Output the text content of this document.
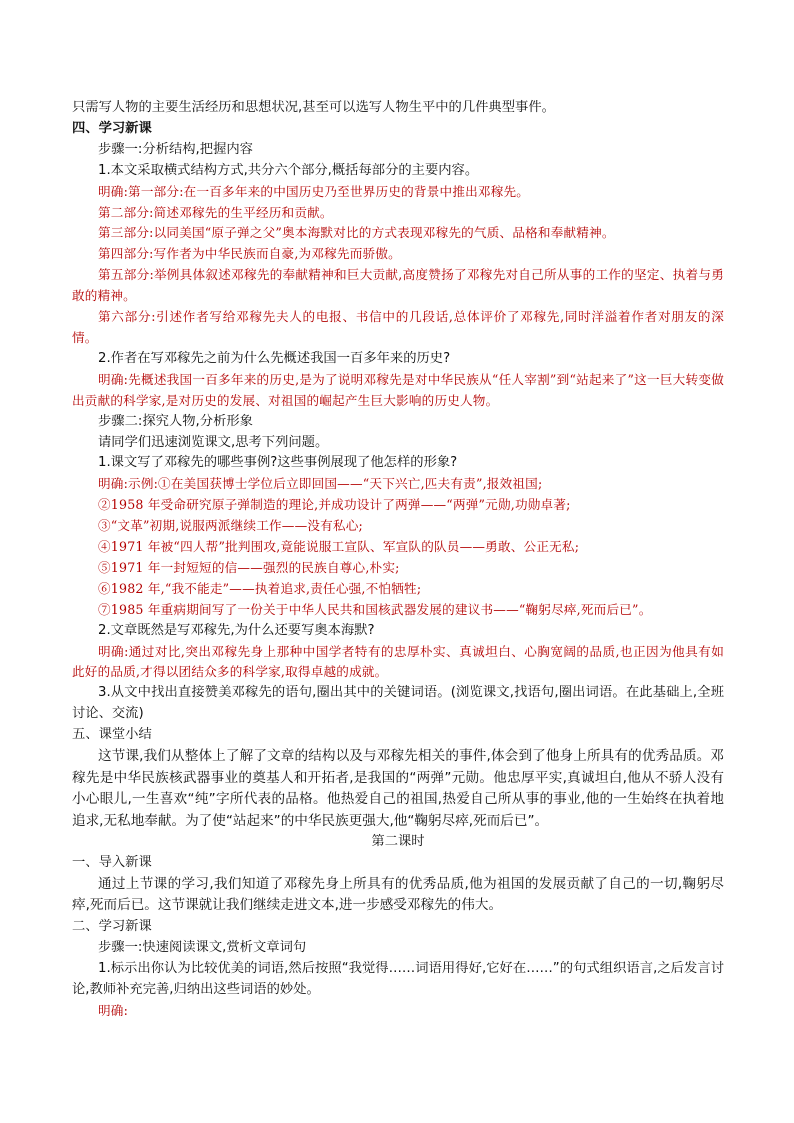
只需写人物的主要生活经历和思想状况,甚至可以选写人物生平中的几件典型事件。

四、学习新课

步骤一:分析结构,把握内容

1.本文采取横式结构方式,共分六个部分,概括每部分的主要内容。

明确:第一部分:在一百多年来的中国历史乃至世界历史的背景中推出邓稼先。

第二部分:简述邓稼先的生平经历和贡献。

第三部分:以同美国“原子弹之父”奥本海默对比的方式表现邓稼先的气质、品格和奉献精神。

第四部分:写作者为中华民族而自豪,为邓稼先而骄傲。

第五部分:举例具体叙述邓稼先的奉献精神和巨大贡献,高度赞扬了邓稼先对自己所从事的工作的坚定、执着与勇敢的精神。

第六部分:引述作者写给邓稼先夫人的电报、书信中的几段话,总体评价了邓稼先,同时洋溢着作者对朋友的深情。

2.作者在写邓稼先之前为什么先概述我国一百多年来的历史?

明确:先概述我国一百多年来的历史,是为了说明邓稼先是对中华民族从“任人宰割”到“站起来了”这一巨大转变做出贡献的科学家,是对历史的发展、对祖国的崛起产生巨大影响的历史人物。

步骤二:探究人物,分析形象

请同学们迅速浏览课文,思考下列问题。

1.课文写了邓稼先的哪些事例?这些事例展现了他怎样的形象?

明确:示例:①在美国获博士学位后立即回国——“天下兴亡,匹夫有责”,报效祖国;

②1958 年受命研究原子弹制造的理论,并成功设计了两弹——“两弹”元勋,功勋卓著;

③“文革”初期,说服两派继续工作——没有私心;

④1971 年被“四人帮”批判围攻,竟能说服工宣队、军宣队的队员——勇敢、公正无私;

⑤1971 年一封短短的信——强烈的民族自尊心,朴实;

⑥1982 年,“我不能走”——执着追求,责任心强,不怕牺牲;

⑦1985 年重病期间写了一份关于中华人民共和国核武器发展的建议书——“鞠躬尽瘁,死而后已”。

2.文章既然是写邓稼先,为什么还要写奥本海默?

明确:通过对比,突出邓稼先身上那种中国学者特有的忠厚朴实、真诚坦白、心胸宽阔的品质,也正因为他具有如此好的品质,才得以团结众多的科学家,取得卓越的成就。

3.从文中找出直接赞美邓稼先的语句,圈出其中的关键词语。(浏览课文,找语句,圈出词语。在此基础上,全班讨论、交流)

五、课堂小结

这节课,我们从整体上了解了文章的结构以及与邓稼先相关的事件,体会到了他身上所具有的优秀品质。邓稼先是中华民族核武器事业的奠基人和开拓者,是我国的“两弹”元勋。他忠厚平实,真诚坦白,他从不骄人没有小心眼儿,一生喜欢“纯”字所代表的品格。他热爱自己的祖国,热爱自己所从事的事业,他的一生始终在执着地追求,无私地奉献。为了使“站起来”的中华民族更强大,他“鞠躬尽瘁,死而后已”。

第二课时

一、导入新课

通过上节课的学习,我们知道了邓稼先身上所具有的优秀品质,他为祖国的发展贡献了自己的一切,鞠躬尽瘁,死而后已。这节课就让我们继续走进文本,进一步感受邓稼先的伟大。

二、学习新课

步骤一:快速阅读课文,赏析文章词句

1.标示出你认为比较优美的词语,然后按照“我觉得……词语用得好,它好在……”的句式组织语言,之后发言讨论,教师补充完善,归纳出这些词语的妙处。

明确:
